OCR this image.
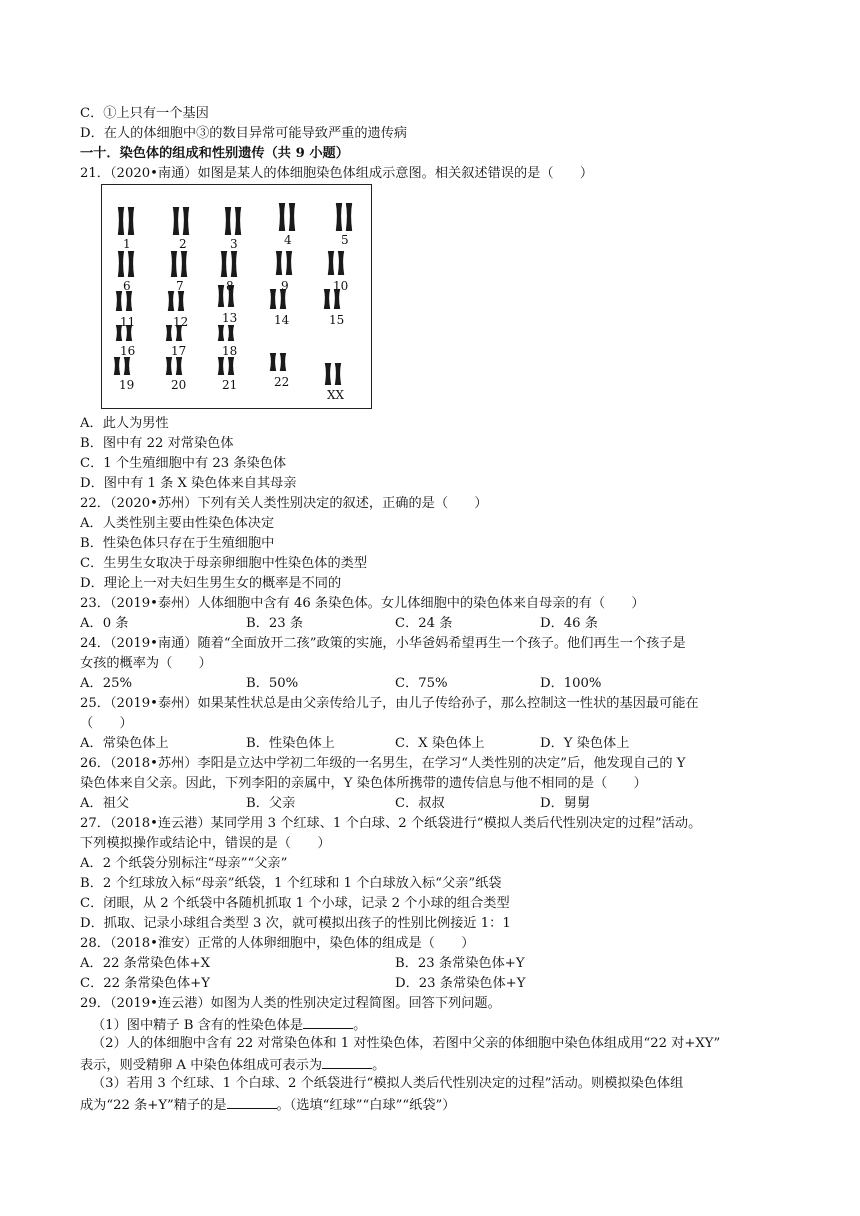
C．①上只有一个基因
D．在人的体细胞中③的数目异常可能导致严重的遗传病
一十．染色体的组成和性别遗传（共 9 小题）
21．（2020•南通）如图是某人的体细胞染色体组成示意图。相关叙述错误的是（　　）
1	2	3	4	5
6	7	8	9	10
11	12	13	14	15
16	17	18
19	20	21	22
XX
A．此人为男性
B．图中有 22 对常染色体
C．1 个生殖细胞中有 23 条染色体
D．图中有 1 条 X 染色体来自其母亲
22．（2020•苏州）下列有关人类性别决定的叙述，正确的是（　　）
A．人类性别主要由性染色体决定
B．性染色体只存在于生殖细胞中
C．生男生女取决于母亲卵细胞中性染色体的类型
D．理论上一对夫妇生男生女的概率是不同的
23．（2019•泰州）人体细胞中含有 46 条染色体。女儿体细胞中的染色体来自母亲的有（　　）
A．0 条	B．23 条	C．24 条	D．46 条
24．（2019•南通）随着“全面放开二孩”政策的实施，小华爸妈希望再生一个孩子。他们再生一个孩子是
女孩的概率为（　　）
A．25%	B．50%	C．75%	D．100%
25．（2019•泰州）如果某性状总是由父亲传给儿子，由儿子传给孙子，那么控制这一性状的基因最可能在
（　　）
A．常染色体上	B．性染色体上	C．X 染色体上	D．Y 染色体上
26．（2018•苏州）李阳是立达中学初二年级的一名男生，在学习“人类性别的决定”后，他发现自己的 Y
染色体来自父亲。因此，下列李阳的亲属中，Y 染色体所携带的遗传信息与他不相同的是（　　）
A．祖父	B．父亲	C．叔叔	D．舅舅
27．（2018•连云港）某同学用 3 个红球、1 个白球、2 个纸袋进行“模拟人类后代性别决定的过程”活动。
下列模拟操作或结论中，错误的是（　　）
A．2 个纸袋分别标注“母亲”“父亲”
B．2 个红球放入标“母亲”纸袋，1 个红球和 1 个白球放入标“父亲”纸袋
C．闭眼，从 2 个纸袋中各随机抓取 1 个小球，记录 2 个小球的组合类型
D．抓取、记录小球组合类型 3 次，就可模拟出孩子的性别比例接近 1：1
28．（2018•淮安）正常的人体卵细胞中，染色体的组成是（　　）
A．22 条常染色体+X	B．23 条常染色体+Y
C．22 条常染色体+Y	D．23 条常染色体+Y
29．（2019•连云港）如图为人类的性别决定过程简图。回答下列问题。
（1）图中精子 B 含有的性染色体是	。
（2）人的体细胞中含有 22 对常染色体和 1 对性染色体，若图中父亲的体细胞中染色体组成用“22 对+XY”
表示，则受精卵 A 中染色体组成可表示为	。
（3）若用 3 个红球、1 个白球、2 个纸袋进行“模拟人类后代性别决定的过程”活动。则模拟染色体组
成为“22 条+Y”精子的是	。（选填“红球”“白球”“纸袋”）
